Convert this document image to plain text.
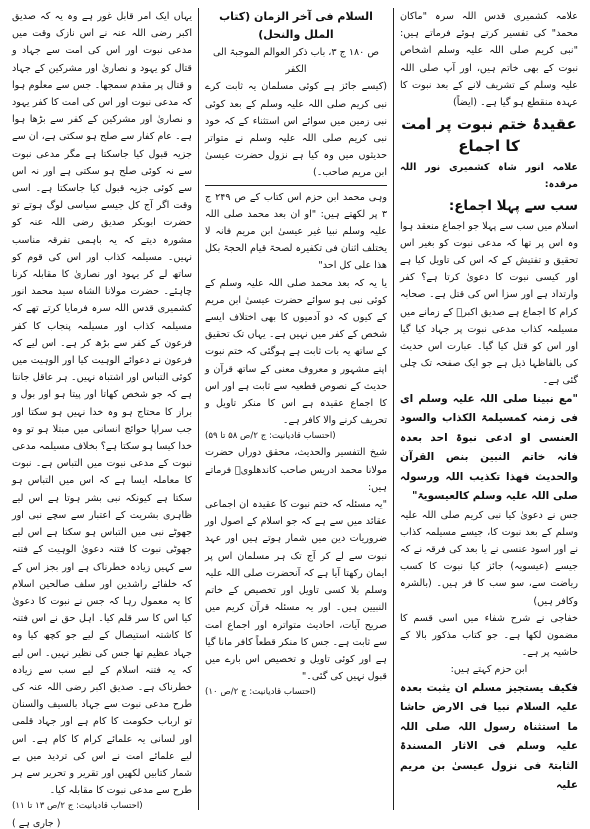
علامہ کشمیری قدس اللہ سرہ "ماکان محمد" کی تفسیر کرتے ہوئے فرماتے ہیں: "نبی کریم صلی اللہ علیہ وسلم اشخاص نبوت کے بھی خاتم ہیں، اور آپ صلی اللہ علیہ وسلم کے تشریف لانے کے بعد نبوت کا عہدہ منقطع ہو گیا ہے۔ (ایضاً)

عقیدۂ ختم نبوت پر امت کا اجماع

علامہ انور شاہ کشمیری نور اللہ مرقدہ:

سب سے پہلا اجماع:

اسلام میں سب سے پہلا جو اجماع منعقد ہوا وہ اس پر تھا کہ مدعی نبوت کو بغیر اس تحقیق و تفتیش کے کہ اس کی تاویل کیا ہے اور کیسی نبوت کا دعویٰ کرتا ہے؟ کفر وارتداد ہے اور سزا اس کی قتل ہے۔ صحابہ کرام کا اجماع ہے صدیق اکبرؓ کے زمانے میں مسیلمہ کذاب مدعی نبوت پر جہاد کیا گیا اور اس کو قتل کیا گیا۔ عبارت اس حدیث کی بالفاظہا ذیل ہے جو ایک صفحہ تک چلی گئی ہے۔

"مع نبینا صلی اللہ علیہ وسلم ای فی زمنہ کمسیلمۃ الکذاب والسود العنسی او ادعی نبوۃ احد بعدہ فانہ خاتم النبین بنص القرآن والحدیث فھذا تکذیب اللہ ورسولہ صلی اللہ علیہ وسلم کالعیسویۃ"

جس نے دعویٰ کیا نبی کریم صلی اللہ علیہ وسلم کے بعد نبوت کا، جیسے مسیلمہ کذاب نے اور اسود عنسی نے یا بعد کی فرقہ نے کہ جیسے (عیسویہ) جائز کیا نبوت کا کسب ریاضت سے، سو سب کا فر ہیں۔ (بالشرہ وکافر ہیں)

خفاجی نے شرح شفاء میں اسی قسم کا مضمون لکھا ہے۔ جو کتاب مذکور بالا کے حاشیہ پر ہے۔

ابن حزم کہتے ہیں:

فکیف یستجیز مسلم ان یثبت بعدہ علیہ السلام نبیا فی الارض حاشا ما استثناہ رسول اللہ صلی اللہ علیہ وسلم فی الاثار المسندۃ الثابتۃ فی نزول عیسیٰ بن مریم علیہ

السلام فی آخر الزمان (کتاب الملل والنحل)

ص ۱۸۰ ج ۳، باب ذکر العوالم الموجبۃ الی الکفر

(کیسے جائز ہے کوئی مسلمان یہ ثابت کرے نبی کریم صلی اللہ علیہ وسلم کے بعد کوئی نبی زمین میں سوائے اس استثناء کے کہ خود نبی کریم صلی اللہ علیہ وسلم نے متواتر حدیثوں میں وہ کیا ہے نزول حضرت عیسیٰ ابن مریم صاحب۔)

وہی محمد ابن حزم اس کتاب کے ص ۲۴۹ ج ۳ پر لکھتے ہیں: "او ان بعد محمد صلی اللہ علیہ وسلم نبیا غیر عیسیٰ ابن مریم فانہ لا یختلف اثنان فی تکفیرہ لصحۃ قیام الحجۃ بکل ھذا علی کل احد"

یا یہ کہ بعد محمد صلی اللہ علیہ وسلم کے کوئی نبی ہو سوائے حضرت عیسیٰ ابن مریم کے کیوں کہ دو آدمیوں کا بھی اختلاف ایسے شخص کے کفر میں نہیں ہے۔ یہاں تک تحقیق کے ساتھ یہ بات ثابت ہے ہوگئی کہ ختم نبوت اپنے مشہور و معروف معنی کے ساتھ قرآن و حدیث کے نصوص قطعیہ سے ثابت ہے اور اس کا اجماع عقیدہ ہے اس کا منکر تاویل و تحریف کرنے والا کافر ہے۔

(احتساب قادیانیت: ج ۲/ص ۵۸ تا ۵۹)

شیخ التفسیر والحدیث، محقق دوراں حضرت مولانا محمد ادریس صاحب کاندھلویؒ فرماتے ہیں:

"یہ مسئلہ کہ ختم نبوت کا عقیدہ ان اجماعی عقائد میں سے ہے کہ جو اسلام کے اصول اور ضروریات دین میں شمار ہوتے ہیں اور عہد نبوت سے لے کر آج تک ہر مسلمان اس پر ایمان رکھتا آیا ہے کہ آنحضرت صلی اللہ علیہ وسلم بلا کسی تاویل اور تخصیص کے خاتم النبیین ہیں۔ اور یہ مسئلہ قرآن کریم میں صریح آیات، احادیث متواترہ اور اجماع امت سے ثابت ہے۔ جس کا منکر قطعاً کافر مانا گیا ہے اور کوئی تاویل و تخصیص اس بارے میں قبول نہیں کی گئی۔"

(احتساب قادیانیت: ج ۲/ص ۱۰)

یہاں ایک امر قابل غور ہے وہ یہ کہ صدیق اکبر رضی اللہ عنہ نے اس نازک وقت میں مدعی نبوت اور اس کی امت سے جہاد و قتال کو یہود و نصاریٰ اور مشرکین کے جہاد و قتال پر مقدم سمجھا۔ جس سے معلوم ہوا کہ مدعی نبوت اور اس کی امت کا کفر یہود و نصاریٰ اور مشرکین کے کفر سے بڑھا ہوا ہے۔ عام کفار سے صلح ہو سکتی ہے، ان سے جزیہ قبول کیا جاسکتا ہے مگر مدعی نبوت سے نہ کوئی صلح ہو سکتی ہے اور نہ اس سے کوئی جزیہ قبول کیا جاسکتا ہے۔ اسی وقت اگر آج کل جیسے سیاسی لوگ ہوتے تو حضرت ابوبکر صدیق رضی اللہ عنہ کو مشورہ دیتے کہ یہ باہمی تفرقہ مناسب نہیں۔ مسیلمہ کذاب اور اس کی قوم کو ساتھ لے کر یہود اور نصاریٰ کا مقابلہ کرنا چاہئے۔ حضرت مولانا الشاہ سید محمد انور کشمیری قدس اللہ سرہ فرمایا کرتے تھے کہ مسیلمہ کذاب اور مسیلمہ پنجاب کا کفر فرعون کے کفر سے بڑھ کر ہے۔ اس لیے کہ فرعون نے دعوائے الوہیت کیا اور الوہیت میں کوئی التباس اور اشتباہ نہیں۔ ہر عاقل جانتا ہے کہ جو شخص کھاتا اور پیتا ہو اور بول و براز کا محتاج ہو وہ خدا نہیں ہو سکتا اور جب سراپا حوائج انسانی میں مبتلا ہو تو وہ خدا کیسا ہو سکتا ہے؟ بخلاف مسیلمہ مدعی نبوت کے مدعی نبوت میں التباس ہے۔ نبوت کا معاملہ ایسا ہے کہ اس میں التباس ہو سکتا ہے کیونکہ نبی بشر ہوتا ہے اس لیے ظاہری بشریت کے اعتبار سے سچے نبی اور جھوٹے نبی میں التباس ہو سکتا ہے اس لیے جھوٹی نبوت کا فتنہ دعویٰ الوہیت کے فتنہ سے کہیں زیادہ خطرناک ہے اور بجز اس کے کہ خلفائے راشدین اور سلف صالحین اسلام کا یہ معمول رہا کہ جس نے نبوت کا دعویٰ کیا اس کا سر قلم کیا۔ اہل حق نے اس فتنہ کا کاشتہ استیصال کے لیے جو کچھ کیا وہ جہاد عظیم تھا جس کی نظیر نہیں۔ اس لیے کہ یہ فتنہ اسلام کے لیے سب سے زیادہ خطرناک ہے۔ صدیق اکبر رضی اللہ عنہ کی طرح مدعی نبوت سے جہاد بالسیف والسنان تو ارباب حکومت کا کام ہے اور جہاد قلمی اور لسانی یہ علمائے کرام کا کام ہے۔ اس لیے علمائے امت نے اس کی تردید میں بے شمار کتابیں لکھیں اور تقریر و تحریر سے ہر طرح سے مدعی نبوت کا مقابلہ کیا۔

(احتساب قادیانیت: ج ۲/ص ۱۳ تا ۱۱)

( جاری ہے )
